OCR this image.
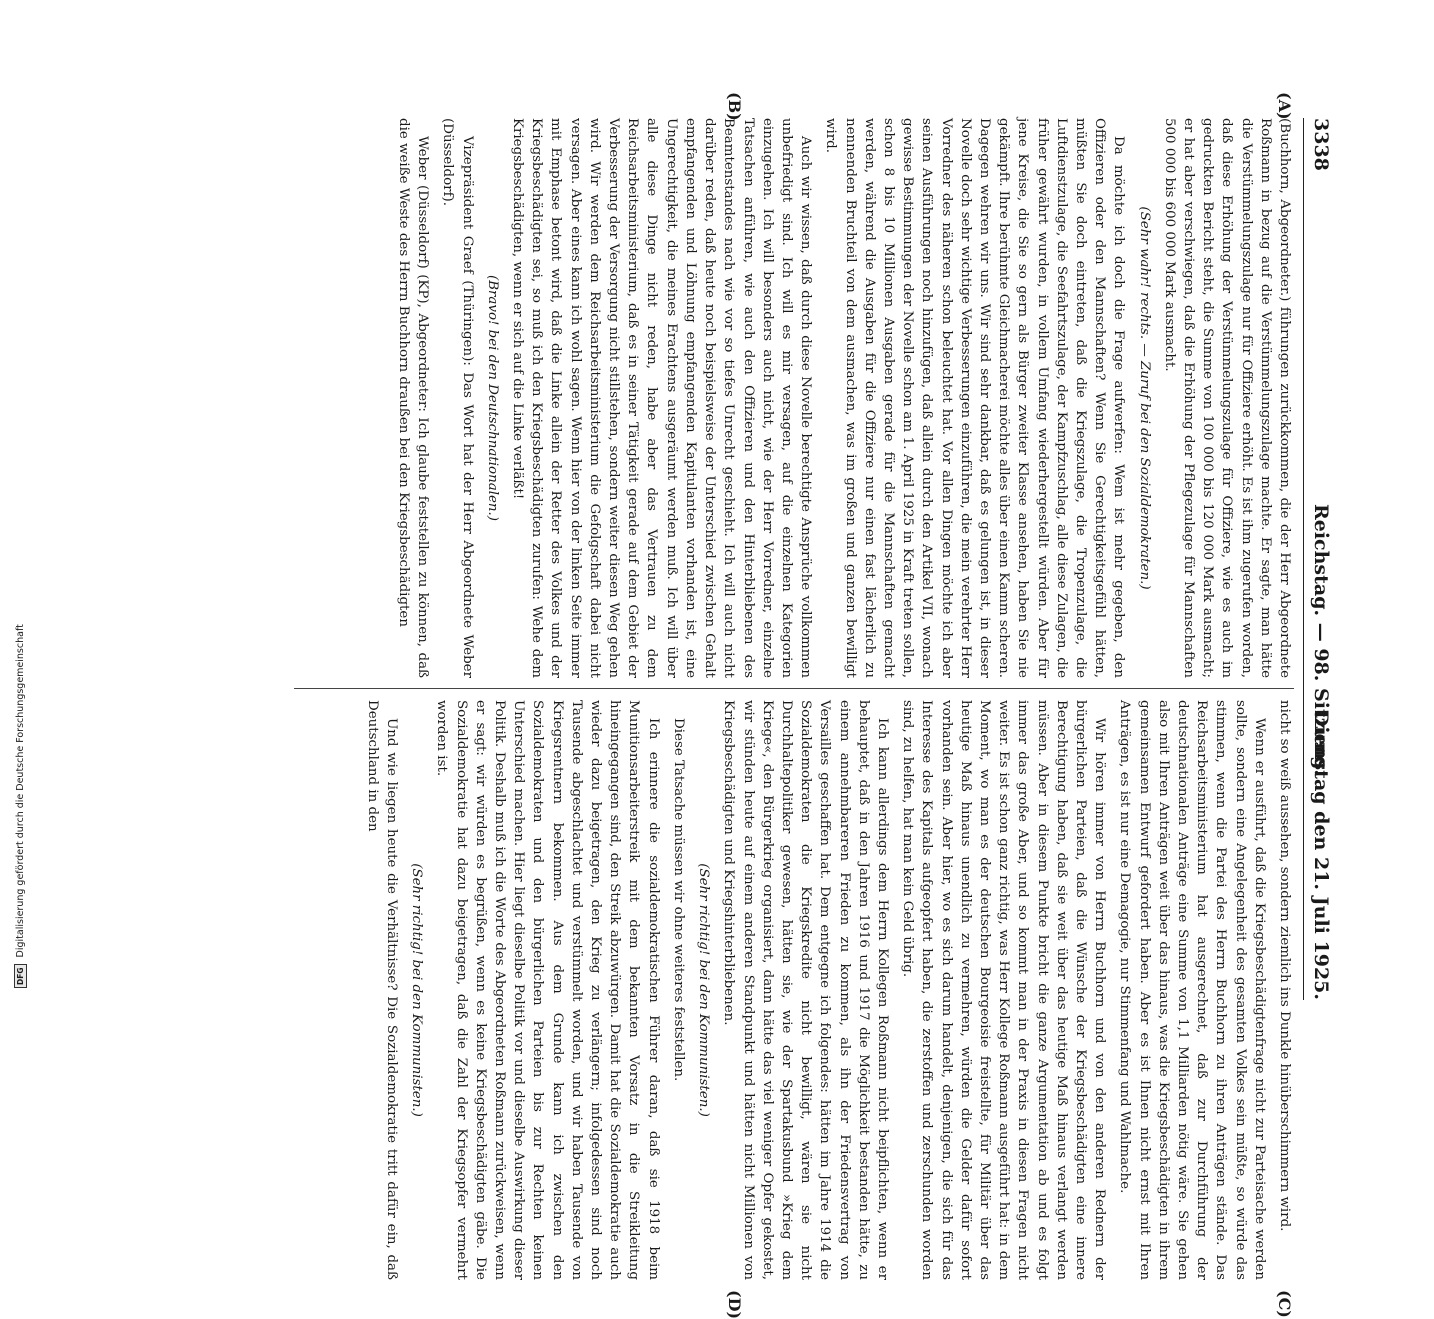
3338
Reichstag. — 98. Sitzung.
Dienstag den 21. Juli 1925.
(A)
(B)
(C)
(D)

(Buchhorn, Abgeordneter.) führungen zurückkommen, die der Herr Abgeordnete Roßmann in bezug auf die Verstümmelungszulage machte. Er sagte, man hätte die Verstümmelungszulage nur für Offiziere erhöht. Es ist ihm zugerufen worden, daß diese Erhöhung der Verstümmelungszulage für Offiziere, wie es auch im gedruckten Bericht steht, die Summe von 100 000 bis 120 000 Mark ausmacht; er hat aber verschwiegen, daß die Erhöhung der Pflegezulage für Mannschaften 500 000 bis 600 000 Mark ausmacht.

(Sehr wahr! rechts. — Zuruf bei den Sozialdemokraten.)

Da möchte ich doch die Frage aufwerfen: Wem ist mehr gegeben, den Offizieren oder den Mannschaften? Wenn Sie Gerechtigkeitsgefühl hätten, müßten Sie doch eintreten, daß die Kriegszulage, die Tropenzulage, die Luftdienstzulage, die Seefahrtszulage, der Kampfzuschlag, alle diese Zulagen, die früher gewährt wurden, in vollem Umfang wiederhergestellt würden. Aber für jene Kreise, die Sie so gern als Bürger zweiter Klasse ansehen, haben Sie nie gekämpft. Ihre berühmte Gleichmacherei möchte alles über einen Kamm scheren. Dagegen wehren wir uns. Wir sind sehr dankbar, daß es gelungen ist, in dieser Novelle doch sehr wichtige Verbesserungen einzuführen, die mein verehrter Herr Vorredner des näheren schon beleuchtet hat. Vor allen Dingen möchte ich aber seinen Ausführungen noch hinzufügen, daß allein durch den Artikel VII, wonach gewisse Bestimmungen der Novelle schon am 1. April 1925 in Kraft treten sollen, schon 8 bis 10 Millionen Ausgaben gerade für die Mannschaften gemacht werden, während die Ausgaben für die Offiziere nur einen fast lächerlich zu nennenden Bruchteil von dem ausmachen, was im großen und ganzen bewilligt wird.

Auch wir wissen, daß durch diese Novelle berechtigte Ansprüche vollkommen unbefriedigt sind. Ich will es mir versagen, auf die einzelnen Kategorien einzugehen. Ich will besonders auch nicht, wie der Herr Vorredner, einzelne Tatsachen anführen, wie auch den Offizieren und den Hinterbliebenen des Beamtenstandes nach wie vor so tiefes Unrecht geschieht. Ich will auch nicht darüber reden, daß heute noch beispielsweise der Unterschied zwischen Gehalt empfangenden und Löhnung empfangenden Kapitulanten vorhanden ist, eine Ungerechtigkeit, die meines Erachtens ausgeräumt werden muß. Ich will über alle diese Dinge nicht reden, habe aber das Vertrauen zu dem Reichsarbeitsministerium, daß es in seiner Tätigkeit gerade auf dem Gebiet der Verbesserung der Versorgung nicht stillstehen, sondern weiter diesen Weg gehen wird. Wir werden dem Reichsarbeitsministerium die Gefolgschaft dabei nicht versagen. Aber eines kann ich wohl sagen. Wenn hier von der linken Seite immer mit Emphase betont wird, daß die Linke allein der Retter des Volkes und der Kriegsbeschädigten sei, so muß ich den Kriegsbeschädigten zurufen: Wehe dem Kriegsbeschädigten, wenn er sich auf die Linke verläßt!

(Bravo! bei den Deutschnationalen.)

Vizepräsident Graef (Thüringen): Das Wort hat der Herr Abgeordnete Weber (Düsseldorf).

Weber (Düsseldorf) (KP), Abgeordneter: Ich glaube feststellen zu können, daß die weiße Weste des Herrn Buchhorn draußen bei den Kriegsbeschädigten

nicht so weiß aussehen, sondern ziemlich ins Dunkle hinüberschimmern wird.

Wenn er ausführt, daß die Kriegsbeschädigtenfrage nicht zur Parteisache werden sollte, sondern eine Angelegenheit des gesamten Volkes sein müßte, so würde das stimmen, wenn die Partei des Herrn Buchhorn zu ihren Anträgen stände. Das Reichsarbeitsministerium hat ausgerechnet, daß zur Durchführung der deutschnationalen Anträge eine Summe von 1,1 Milliarden nötig wäre. Sie gehen also mit Ihren Anträgen weit über das hinaus, was die Kriegsbeschädigten in ihrem gemeinsamen Entwurf gefordert haben. Aber es ist Ihnen nicht ernst mit Ihren Anträgen, es ist nur eine Demagogie, nur Stimmenfang und Wahlmache.

Wir hören immer von Herrn Buchhorn und von den anderen Rednern der bürgerlichen Parteien, daß die Wünsche der Kriegsbeschädigten eine innere Berechtigung haben, daß sie weit über das heutige Maß hinaus verlangt werden müssen. Aber in diesem Punkte bricht die ganze Argumentation ab und es folgt immer das große Aber, und so kommt man in der Praxis in diesen Fragen nicht weiter. Es ist schon ganz richtig, was Herr Kollege Roßmann ausgeführt hat: in dem Moment, wo man es der deutschen Bourgeoisie freistellte, für Militär über das heutige Maß hinaus unendlich zu vermehren, würden die Gelder dafür sofort vorhanden sein. Aber hier, wo es sich darum handelt, denjenigen, die sich für das Interesse des Kapitals aufgeopfert haben, die zerstoffen und zerschunden worden sind, zu helfen, hat man kein Geld übrig.

Ich kann allerdings dem Herrn Kollegen Roßmann nicht beipflichten, wenn er behauptet, daß in den Jahren 1916 und 1917 die Möglichkeit bestanden hätte, zu einem annehmbareren Frieden zu kommen, als ihn der Friedensvertrag von Versailles geschaffen hat. Dem entgegne ich folgendes: hätten im Jahre 1914 die Sozialdemokraten die Kriegskredite nicht bewilligt, wären sie nicht Durchhaltepolitiker gewesen, hätten sie, wie der Spartakusbund »Krieg dem Kriege«, den Bürgerkrieg organisiert, dann hätte das viel weniger Opfer gekostet, wir stünden heute auf einem anderen Standpunkt und hätten nicht Millionen von Kriegsbeschädigten und Kriegshinterbliebenen.

(Sehr richtig! bei den Kommunisten.)

Diese Tatsache müssen wir ohne weiteres feststellen.

Ich erinnere die sozialdemokratischen Führer daran, daß sie 1918 beim Munitionsarbeiterstreik mit dem bekannten Vorsatz in die Streikleitung hineingegangen sind, den Streik abzuwürgen. Damit hat die Sozialdemokratie auch wieder dazu beigetragen, den Krieg zu verlängern; infolgedessen sind noch Tausende abgeschlachtet und verstümmelt worden, und wir haben Tausende von Kriegsrentnern bekommen. Aus dem Grunde kann ich zwischen den Sozialdemokraten und den bürgerlichen Parteien bis zur Rechten keinen Unterschied machen. Hier liegt dieselbe Politik vor und dieselbe Auswirkung dieser Politik. Deshalb muß ich die Worte des Abgeordneten Roßmann zurückweisen, wenn er sagt: wir würden es begrüßen, wenn es keine Kriegsbeschädigten gäbe. Die Sozialdemokratie hat dazu beigetragen, daß die Zahl der Kriegsopfer vermehrt worden ist.

(Sehr richtig! bei den Kommunisten.)

Und wie liegen heute die Verhältnisse? Die Sozialdemokratie tritt dafür ein, daß Deutschland in den

DFG Digitalisierung gefördert durch die Deutsche Forschungsgemeinschaft
